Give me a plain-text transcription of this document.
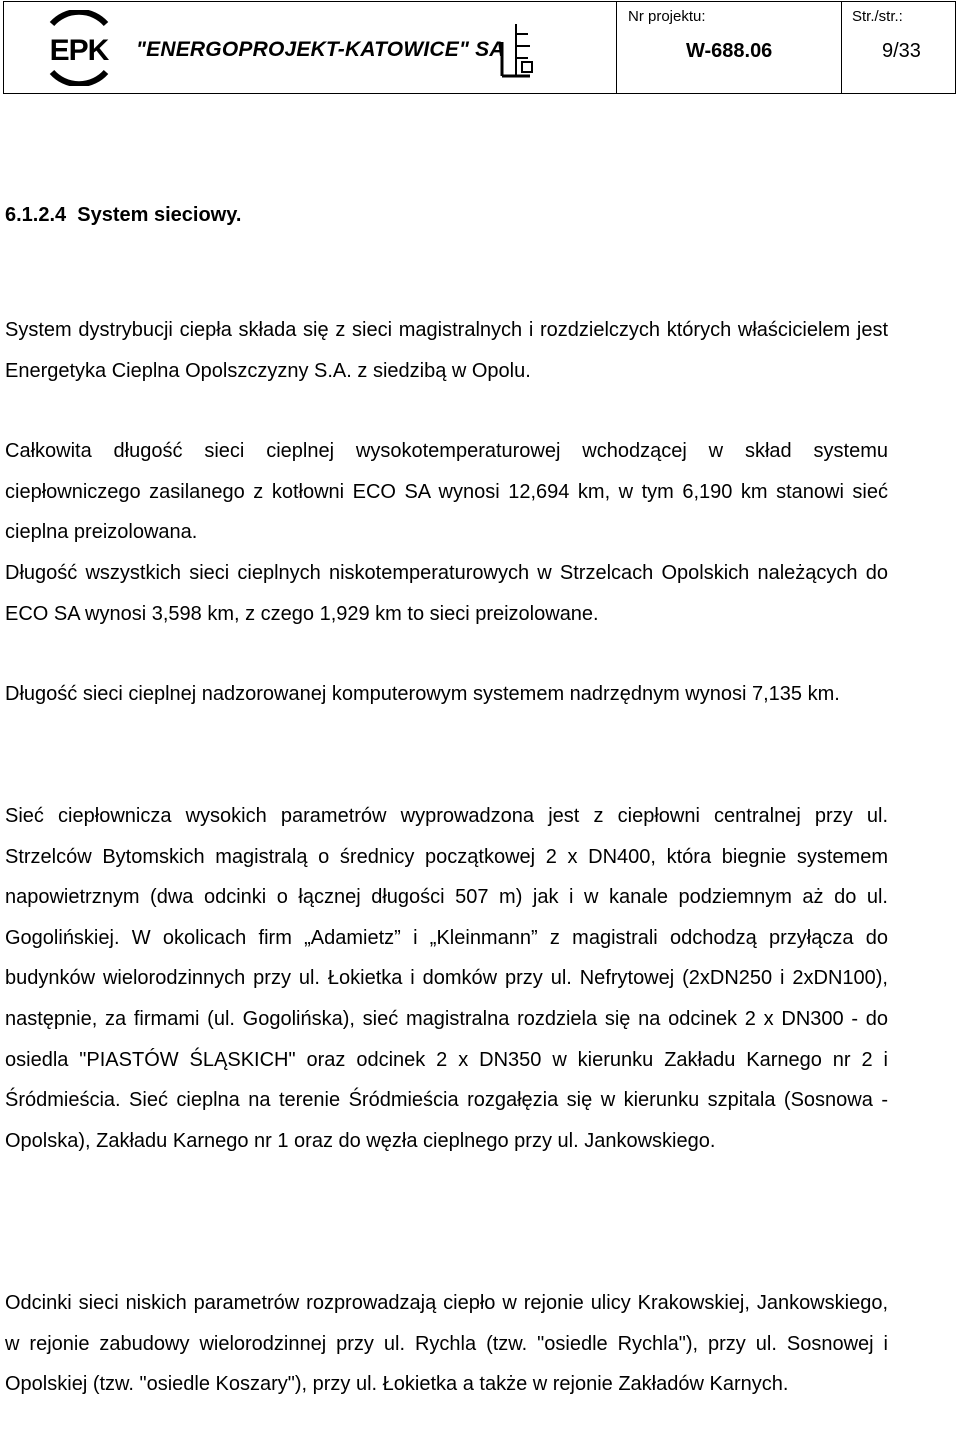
EPK "ENERGOPROJEKT-KATOWICE" SA
Nr projektu:
W-688.06
Str./str.:
9/33
6.1.2.4  System sieciowy.

System dystrybucji ciepła składa się z sieci magistralnych i rozdzielczych których właścicielem jest Energetyka Cieplna Opolszczyzny S.A. z siedzibą w Opolu.

Całkowita długość sieci cieplnej wysokotemperaturowej wchodzącej w skład systemu ciepłowniczego zasilanego z kotłowni ECO SA wynosi 12,694 km, w tym 6,190 km stanowi sieć cieplna preizolowana.

Długość wszystkich sieci cieplnych niskotemperaturowych w Strzelcach Opolskich należących do ECO SA wynosi 3,598 km, z czego 1,929 km to sieci preizolowane.

Długość sieci cieplnej nadzorowanej komputerowym systemem nadrzędnym wynosi 7,135 km.

Sieć ciepłownicza wysokich parametrów wyprowadzona jest z ciepłowni centralnej przy ul. Strzelców Bytomskich magistralą o średnicy początkowej 2 x DN400, która biegnie systemem napowietrznym (dwa odcinki o łącznej długości 507 m) jak i w kanale podziemnym aż do ul. Gogolińskiej. W okolicach firm „Adamietz” i „Kleinmann” z magistrali odchodzą przyłącza do budynków wielorodzinnych przy ul. Łokietka i domków przy ul. Nefrytowej (2xDN250 i 2xDN100), następnie, za firmami (ul. Gogolińska), sieć magistralna rozdziela się na odcinek 2 x DN300 - do osiedla "PIASTÓW ŚLĄSKICH" oraz odcinek 2 x DN350 w kierunku Zakładu Karnego nr 2 i Śródmieścia. Sieć cieplna na terenie Śródmieścia rozgałęzia się w kierunku szpitala (Sosnowa - Opolska), Zakładu Karnego nr 1 oraz do węzła cieplnego przy ul. Jankowskiego.

Odcinki sieci niskich parametrów rozprowadzają ciepło w rejonie ulicy Krakowskiej, Jankowskiego, w rejonie zabudowy wielorodzinnej przy ul. Rychla (tzw. "osiedle Rychla"), przy ul. Sosnowej i Opolskiej (tzw. "osiedle Koszary"), przy ul. Łokietka a także w rejonie Zakładów Karnych.
